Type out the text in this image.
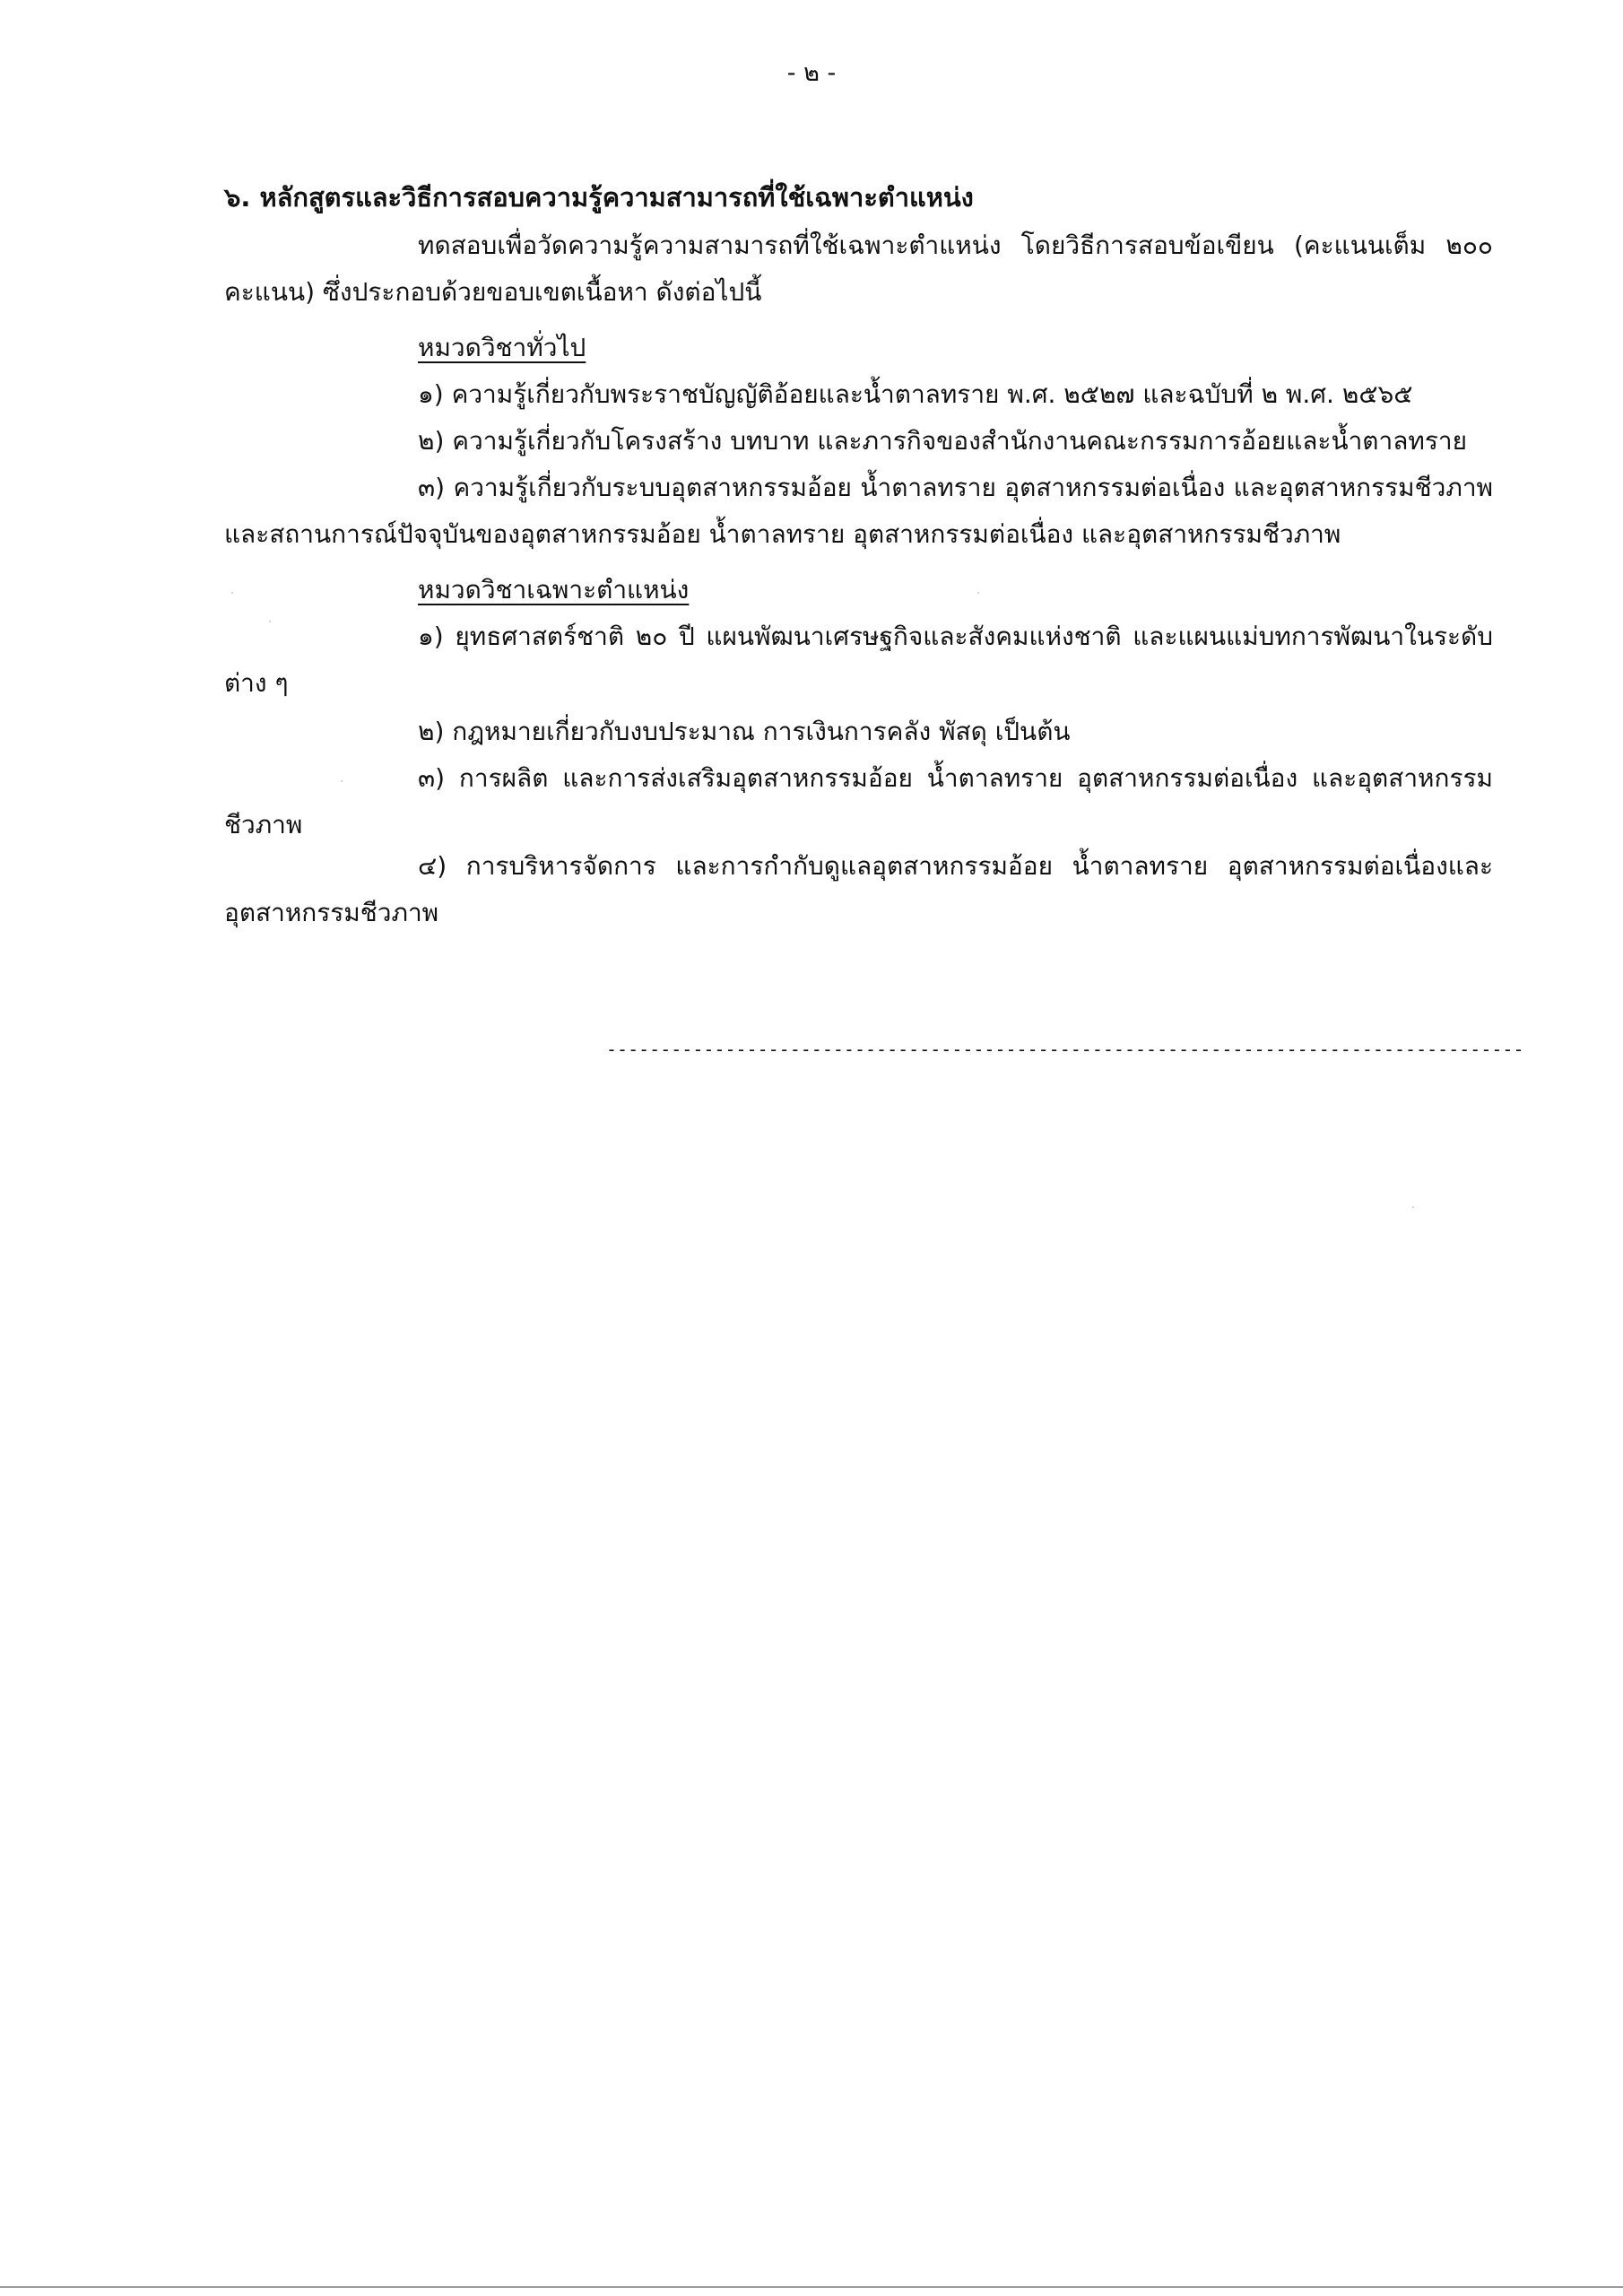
- ๒ -
๖. หลักสูตรและวิธีการสอบความรู้ความสามารถที่ใช้เฉพาะตำแหน่ง
ทดสอบเพื่อวัดความรู้ความสามารถที่ใช้เฉพาะตำแหน่ง โดยวิธีการสอบข้อเขียน (คะแนนเต็ม ๒๐๐ คะแนน) ซึ่งประกอบด้วยขอบเขตเนื้อหา ดังต่อไปนี้
หมวดวิชาทั่วไป
๑) ความรู้เกี่ยวกับพระราชบัญญัติอ้อยและน้ำตาลทราย พ.ศ. ๒๕๒๗ และฉบับที่ ๒ พ.ศ. ๒๕๖๕
๒) ความรู้เกี่ยวกับโครงสร้าง บทบาท และภารกิจของสำนักงานคณะกรรมการอ้อยและน้ำตาลทราย
๓) ความรู้เกี่ยวกับระบบอุตสาหกรรมอ้อย น้ำตาลทราย อุตสาหกรรมต่อเนื่อง และอุตสาหกรรมชีวภาพ และสถานการณ์ปัจจุบันของอุตสาหกรรมอ้อย น้ำตาลทราย อุตสาหกรรมต่อเนื่อง และอุตสาหกรรมชีวภาพ
หมวดวิชาเฉพาะตำแหน่ง
๑) ยุทธศาสตร์ชาติ ๒๐ ปี แผนพัฒนาเศรษฐกิจและสังคมแห่งชาติ และแผนแม่บทการพัฒนาในระดับต่าง ๆ
๒) กฎหมายเกี่ยวกับงบประมาณ การเงินการคลัง พัสดุ เป็นต้น
๓) การผลิต และการส่งเสริมอุตสาหกรรมอ้อย น้ำตาลทราย อุตสาหกรรมต่อเนื่อง และอุตสาหกรรมชีวภาพ
๔) การบริหารจัดการ และการกำกับดูแลอุตสาหกรรมอ้อย น้ำตาลทราย อุตสาหกรรมต่อเนื่องและอุตสาหกรรมชีวภาพ
-------------------------------------------------------------------------------------
